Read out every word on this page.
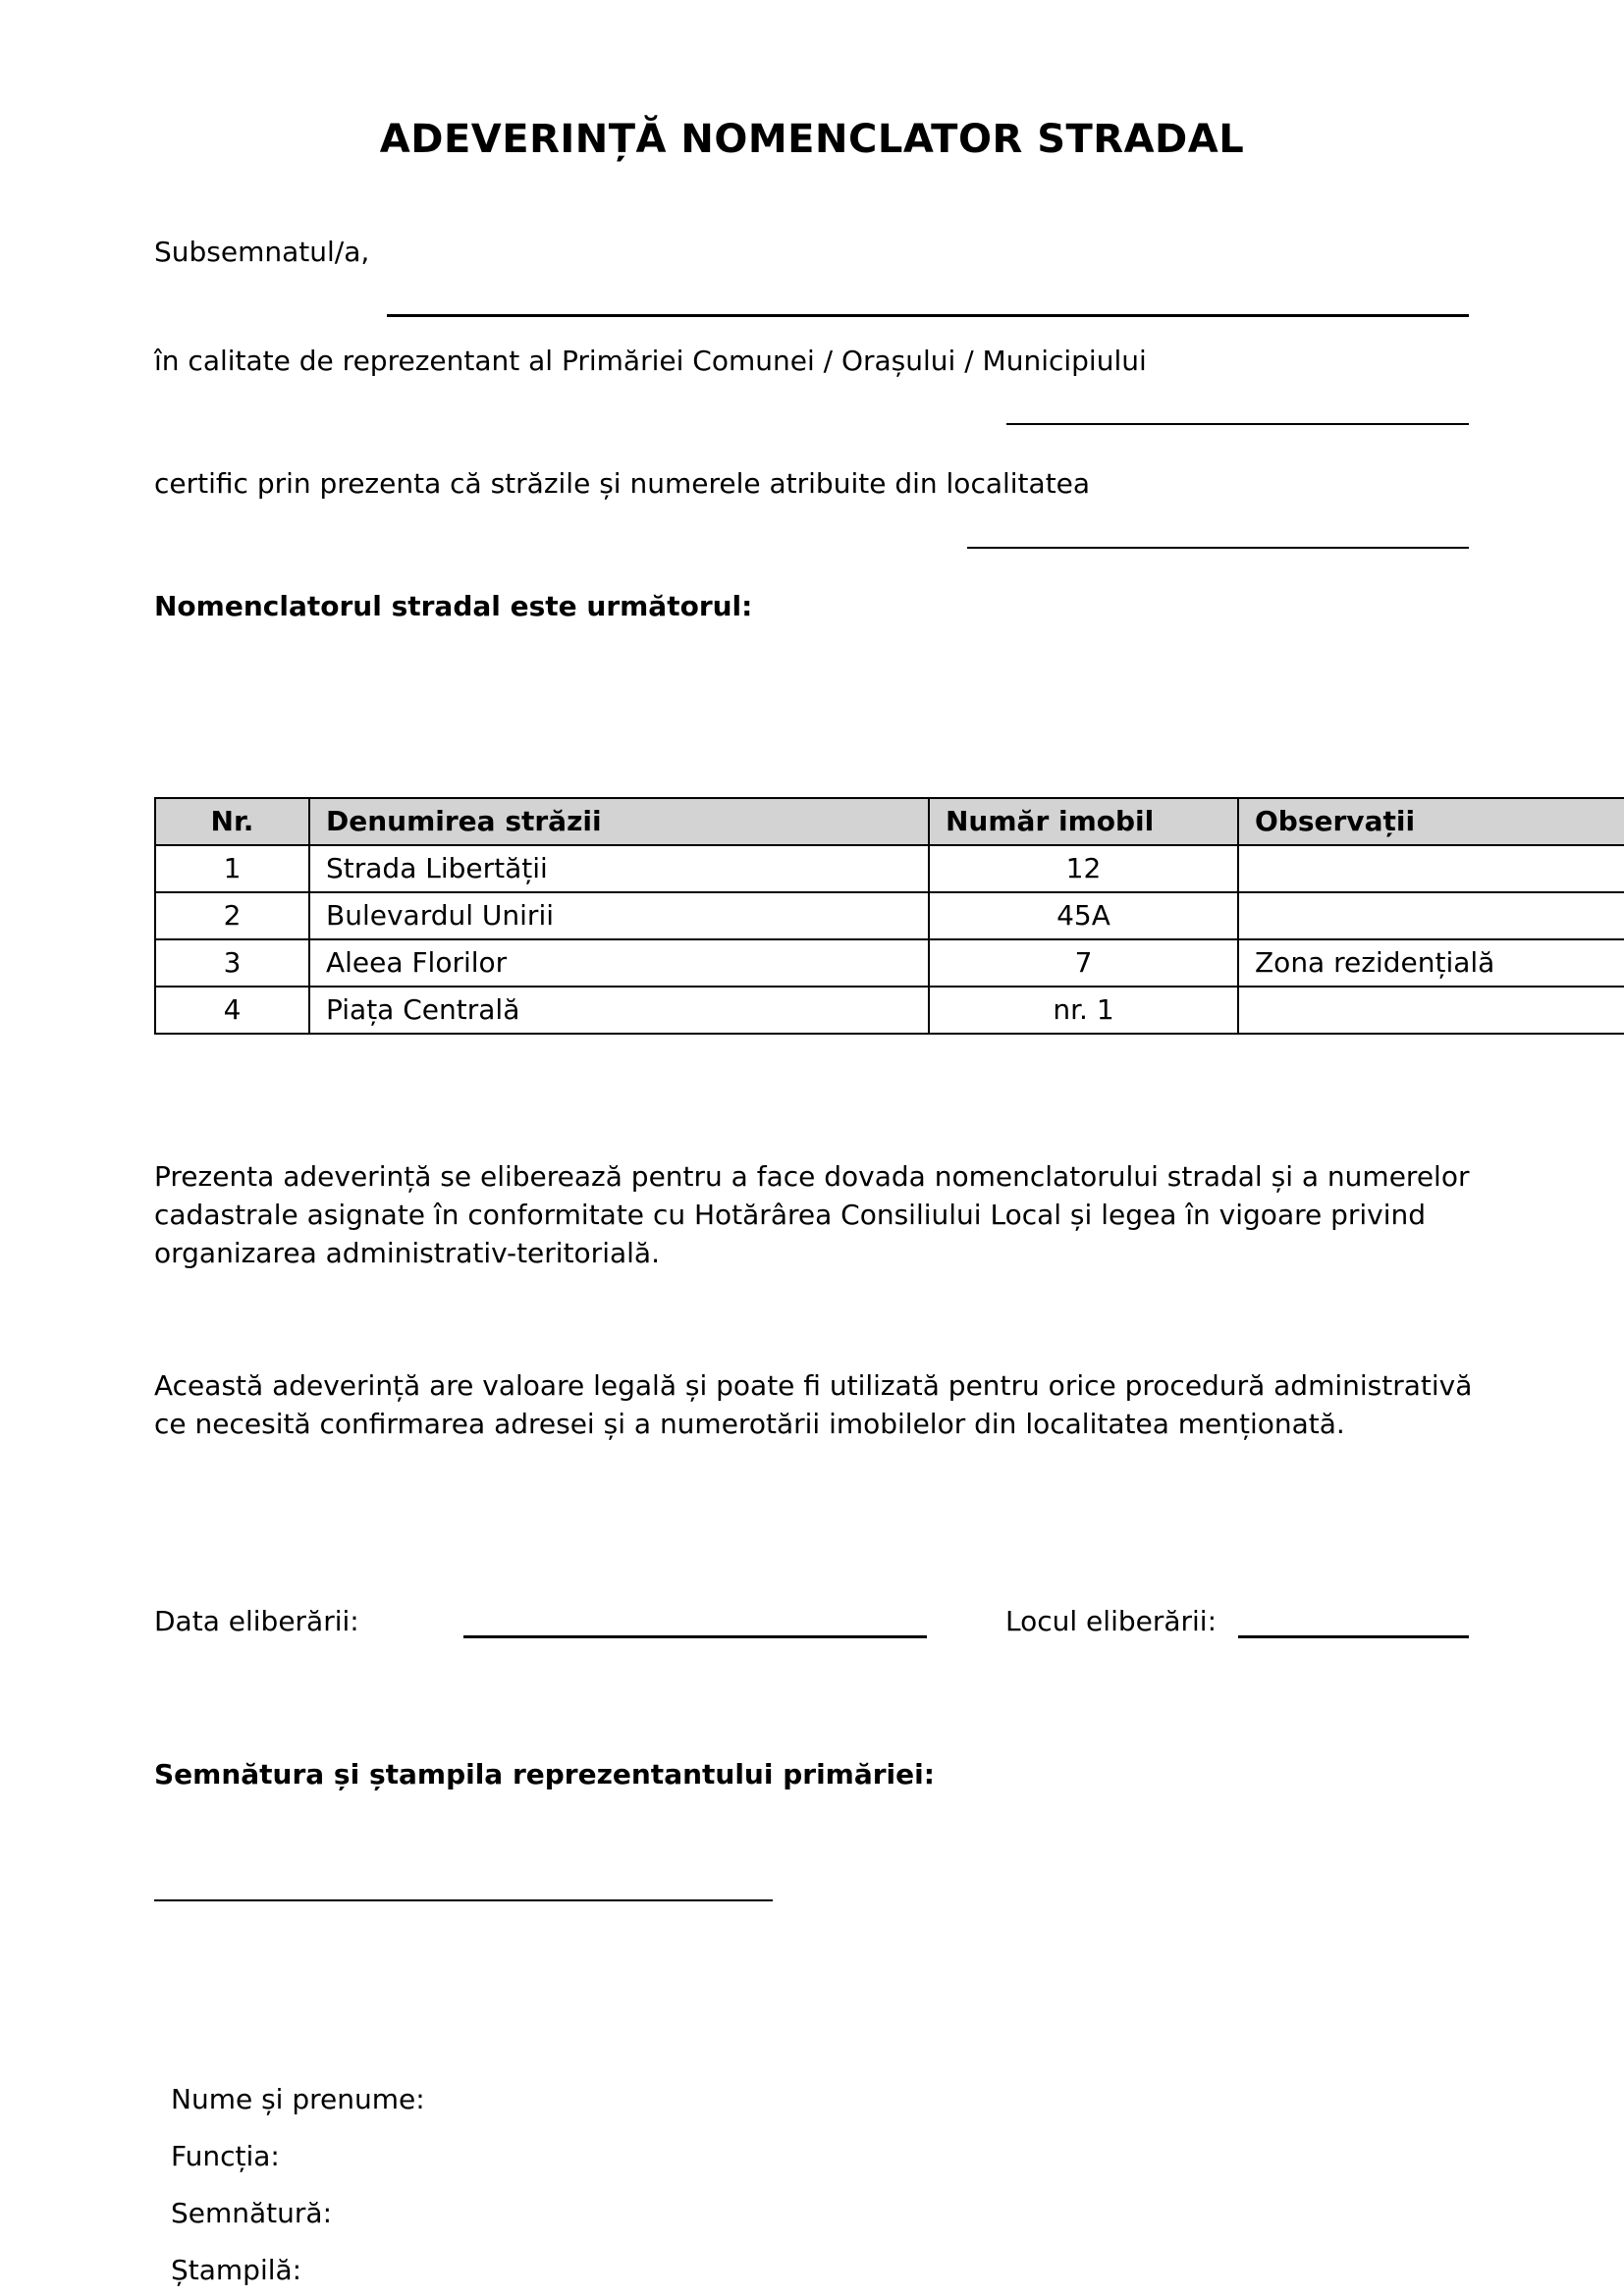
ADEVERINȚĂ NOMENCLATOR STRADAL

Subsemnatul/a,

în calitate de reprezentant al Primăriei Comunei / Orașului / Municipiului

certific prin prezenta că străzile și numerele atribuite din localitatea

Nomenclatorul stradal este următorul:

Nr.	Denumirea străzii	Număr imobil	Observații
1	Strada Libertății	12	
2	Bulevardul Unirii	45A	
3	Aleea Florilor	7	Zona rezidențială
4	Piața Centrală	nr. 1	

Prezenta adeverință se eliberează pentru a face dovada nomenclatorului stradal și a numerelor cadastrale asignate în conformitate cu Hotărârea Consiliului Local și legea în vigoare privind organizarea administrativ-teritorială.

Această adeverință are valoare legală și poate fi utilizată pentru orice procedură administrativă ce necesită confirmarea adresei și a numerotării imobilelor din localitatea menționată.

Data eliberării:	Locul eliberării:

Semnătura și ștampila reprezentantului primăriei:

Nume și prenume:

Funcția:

Semnătură:

Ștampilă:
